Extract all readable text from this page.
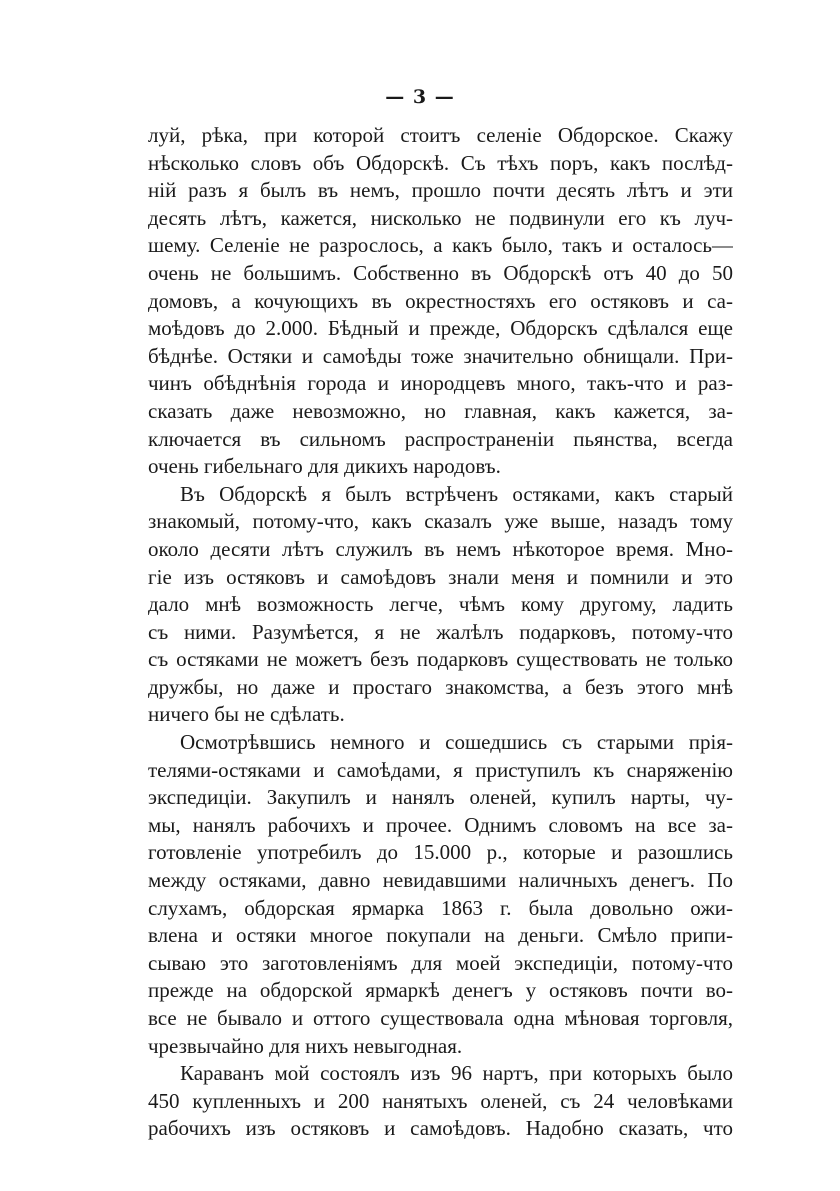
— 3 —
луй, рѣка, при которой стоитъ селеніе Обдорское. Скажу
нѣсколько словъ объ Обдорскѣ. Съ тѣхъ поръ, какъ послѣд-
ній разъ я былъ въ немъ, прошло почти десять лѣтъ и эти
десять лѣтъ, кажется, нисколько не подвинули его къ луч-
шему. Селеніе не разрослось, а какъ было, такъ и осталось—
очень не большимъ. Собственно въ Обдорскѣ отъ 40 до 50
домовъ, а кочующихъ въ окрестностяхъ его остяковъ и са-
моѣдовъ до 2.000. Бѣдный и прежде, Обдорскъ сдѣлался еще
бѣднѣе. Остяки и самоѣды тоже значительно обнищали. При-
чинъ обѣднѣнія города и инородцевъ много, такъ-что и раз-
сказать даже невозможно, но главная, какъ кажется, за-
ключается въ сильномъ распространеніи пьянства, всегда
очень гибельнаго для дикихъ народовъ.
Въ Обдорскѣ я былъ встрѣченъ остяками, какъ старый
знакомый, потому-что, какъ сказалъ уже выше, назадъ тому
около десяти лѣтъ служилъ въ немъ нѣкоторое время. Мно-
гіе изъ остяковъ и самоѣдовъ знали меня и помнили и это
дало мнѣ возможность легче, чѣмъ кому другому, ладить
съ ними. Разумѣется, я не жалѣлъ подарковъ, потому-что
съ остяками не можетъ безъ подарковъ существовать не только
дружбы, но даже и простаго знакомства, а безъ этого мнѣ
ничего бы не сдѣлать.
Осмотрѣвшись немного и сошедшись съ старыми прія-
телями-остяками и самоѣдами, я приступилъ къ снаряженію
экспедиціи. Закупилъ и нанялъ оленей, купилъ нарты, чу-
мы, нанялъ рабочихъ и прочее. Однимъ словомъ на все за-
готовленіе употребилъ до 15.000 р., которые и разошлись
между остяками, давно невидавшими наличныхъ денегъ. По
слухамъ, обдорская ярмарка 1863 г. была довольно ожи-
влена и остяки многое покупали на деньги. Смѣло припи-
сываю это заготовленіямъ для моей экспедиціи, потому-что
прежде на обдорской ярмаркѣ денегъ у остяковъ почти во-
все не бывало и оттого существовала одна мѣновая торговля,
чрезвычайно для нихъ невыгодная.
Караванъ мой состоялъ изъ 96 нартъ, при которыхъ было
450 купленныхъ и 200 нанятыхъ оленей, съ 24 человѣками
рабочихъ изъ остяковъ и самоѣдовъ. Надобно сказать, что
